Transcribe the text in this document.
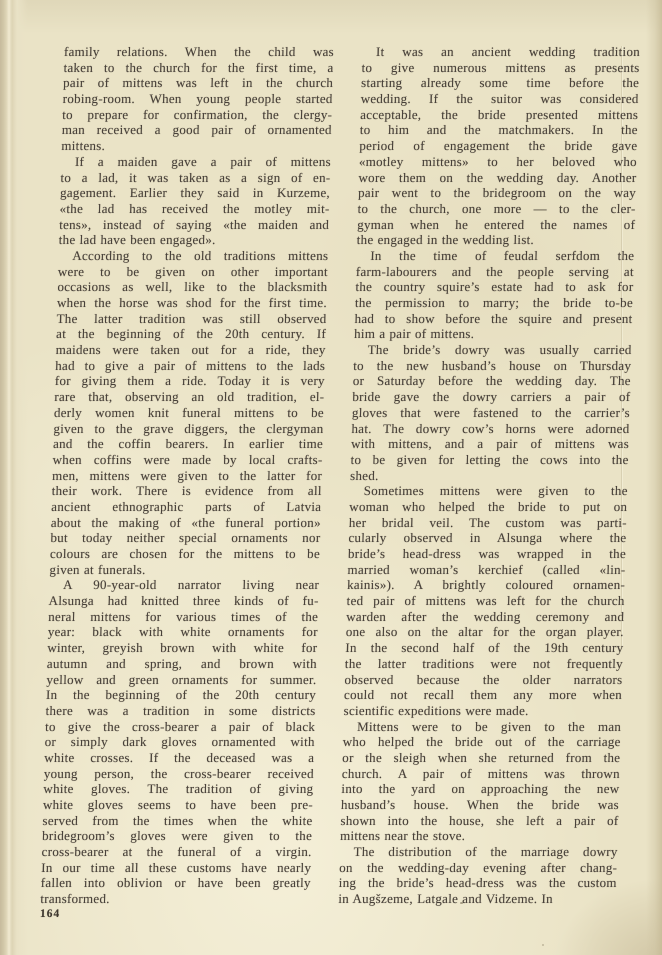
family relations. When the child was
taken to the church for the first time, a
pair of mittens was left in the church
robing-room. When young people started
to prepare for confirmation, the clergy-
man received a good pair of ornamented
mittens.
If a maiden gave a pair of mittens
to a lad, it was taken as a sign of en-
gagement. Earlier they said in Kurzeme,
«the lad has received the motley mit-
tens», instead of saying «the maiden and
the lad have been engaged».
According to the old traditions mittens
were to be given on other important
occasions as well, like to the blacksmith
when the horse was shod for the first time.
The latter tradition was still observed
at the beginning of the 20th century. If
maidens were taken out for a ride, they
had to give a pair of mittens to the lads
for giving them a ride. Today it is very
rare that, observing an old tradition, el-
derly women knit funeral mittens to be
given to the grave diggers, the clergyman
and the coffin bearers. In earlier time
when coffins were made by local crafts-
men, mittens were given to the latter for
their work. There is evidence from all
ancient ethnographic parts of Latvia
about the making of «the funeral portion»
but today neither special ornaments nor
colours are chosen for the mittens to be
given at funerals.
A 90-year-old narrator living near
Alsunga had knitted three kinds of fu-
neral mittens for various times of the
year: black with white ornaments for
winter, greyish brown with white for
autumn and spring, and brown with
yellow and green ornaments for summer.
In the beginning of the 20th century
there was a tradition in some districts
to give the cross-bearer a pair of black
or simply dark gloves ornamented with
white crosses. If the deceased was a
young person, the cross-bearer received
white gloves. The tradition of giving
white gloves seems to have been pre-
served from the times when the white
bridegroom’s gloves were given to the
cross-bearer at the funeral of a virgin.
In our time all these customs have nearly
fallen into oblivion or have been greatly
transformed.
164
It was an ancient wedding tradition
to give numerous mittens as presents
starting already some time before the
wedding. If the suitor was considered
acceptable, the bride presented mittens
to him and the matchmakers. In the
period of engagement the bride gave
«motley mittens» to her beloved who
wore them on the wedding day. Another
pair went to the bridegroom on the way
to the church, one more — to the cler-
gyman when he entered the names of
the engaged in the wedding list.
In the time of feudal serfdom the
farm-labourers and the people serving at
the country squire’s estate had to ask for
the permission to marry; the bride to-be
had to show before the squire and present
him a pair of mittens.
The bride’s dowry was usually carried
to the new husband’s house on Thursday
or Saturday before the wedding day. The
bride gave the dowry carriers a pair of
gloves that were fastened to the carrier’s
hat. The dowry cow’s horns were adorned
with mittens, and a pair of mittens was
to be given for letting the cows into the
shed.
Sometimes mittens were given to the
woman who helped the bride to put on
her bridal veil. The custom was parti-
cularly observed in Alsunga where the
bride’s head-dress was wrapped in the
married woman’s kerchief (called «lin-
kainis»). A brightly coloured ornamen-
ted pair of mittens was left for the church
warden after the wedding ceremony and
one also on the altar for the organ player.
In the second half of the 19th century
the latter traditions were not frequently
observed because the older narrators
could not recall them any more when
scientific expeditions were made.
Mittens were to be given to the man
who helped the bride out of the carriage
or the sleigh when she returned from the
church. A pair of mittens was thrown
into the yard on approaching the new
husband’s house. When the bride was
shown into the house, she left a pair of
mittens near the stove.
The distribution of the marriage dowry
on the wedding-day evening after chang-
ing the bride’s head-dress was the custom
in Augšzeme, Latgale and Vidzeme. In
